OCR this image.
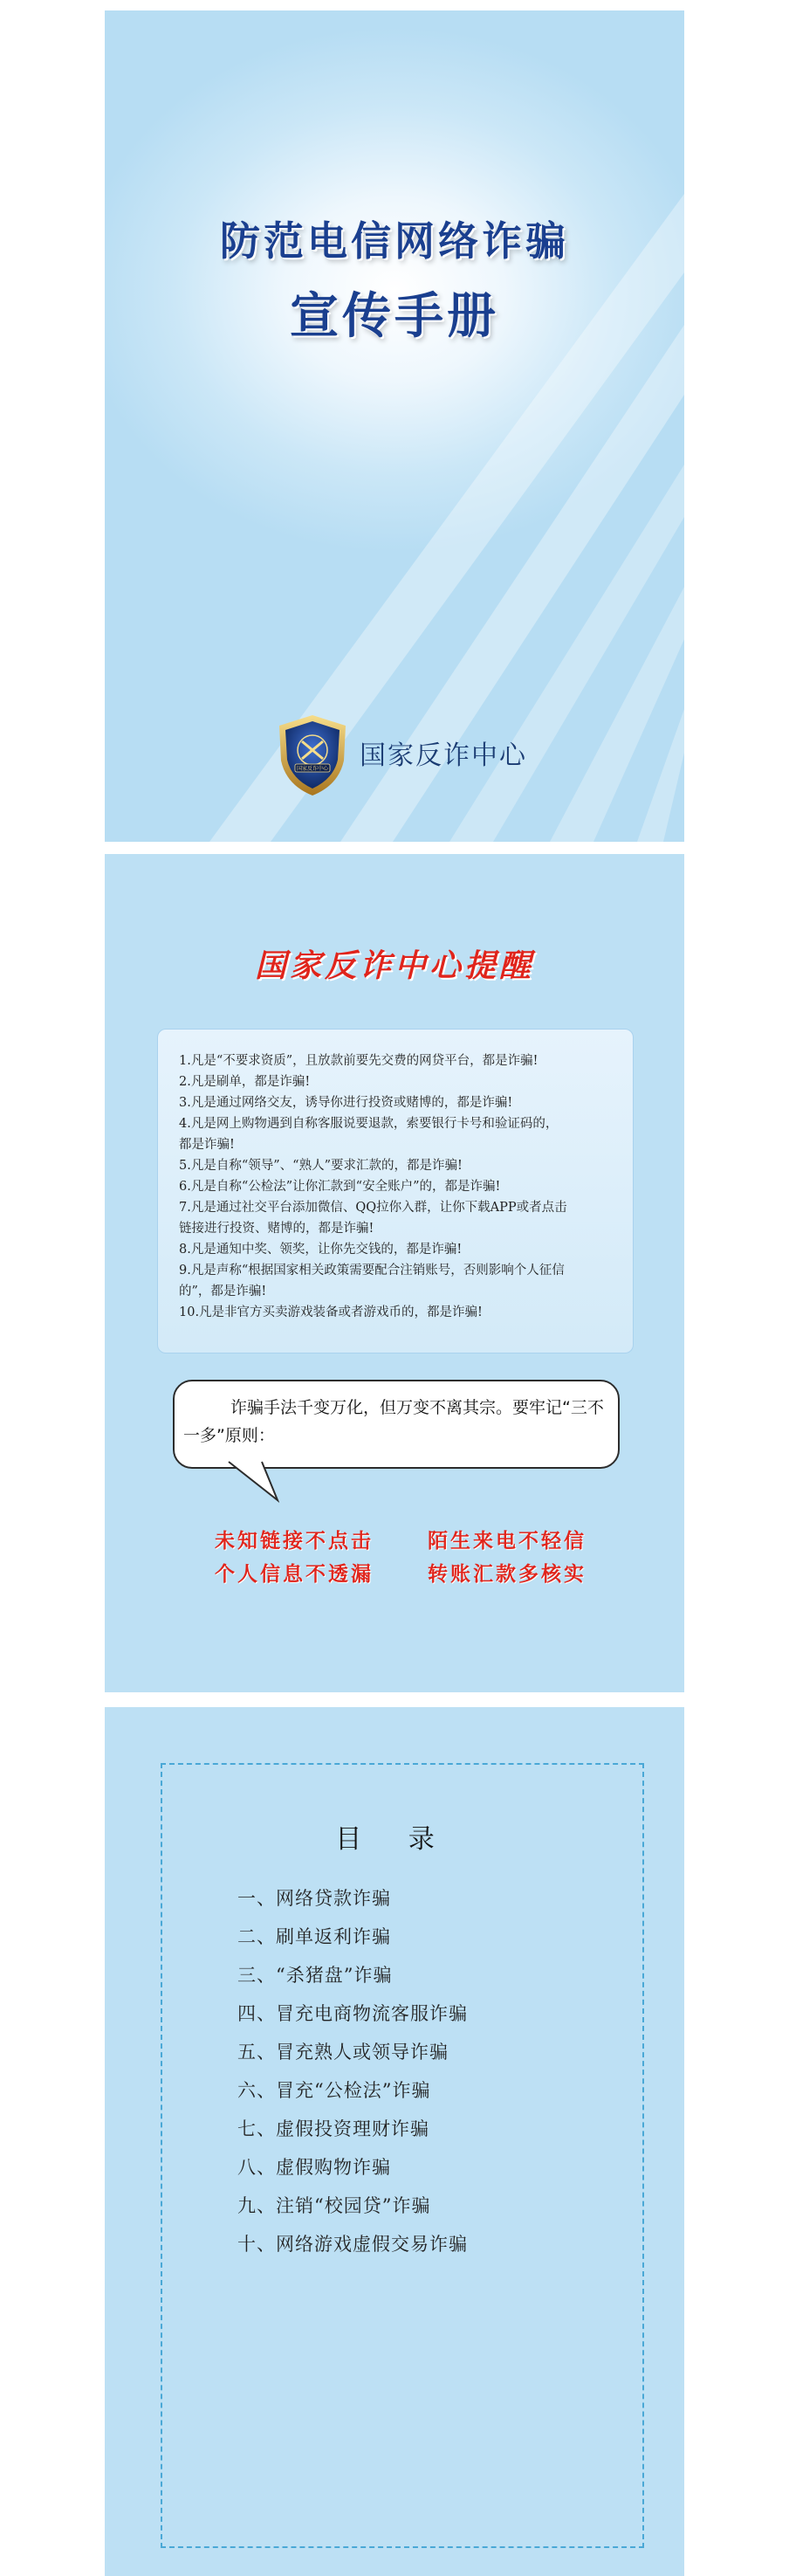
防范电信网络诈骗
宣传手册
国家反诈中心 国家反诈中心
国家反诈中心提醒
1.凡是“不要求资质”，且放款前要先交费的网贷平台，都是诈骗!
2.凡是刷单，都是诈骗!
3.凡是通过网络交友，诱导你进行投资或赌博的，都是诈骗!
4.凡是网上购物遇到自称客服说要退款，索要银行卡号和验证码的，
都是诈骗!
5.凡是自称“领导”、“熟人”要求汇款的，都是诈骗!
6.凡是自称“公检法”让你汇款到“安全账户”的，都是诈骗!
7.凡是通过社交平台添加微信、QQ拉你入群，让你下载APP或者点击
链接进行投资、赌博的，都是诈骗!
8.凡是通知中奖、领奖，让你先交钱的，都是诈骗!
9.凡是声称“根据国家相关政策需要配合注销账号，否则影响个人征信
的”，都是诈骗!
10.凡是非官方买卖游戏装备或者游戏币的，都是诈骗!
诈骗手法千变万化，但万变不离其宗。要牢记“三不一多”原则：
未知链接不点击	陌生来电不轻信
个人信息不透漏	转账汇款多核实
目 录
一、网络贷款诈骗
二、刷单返利诈骗
三、“杀猪盘”诈骗
四、冒充电商物流客服诈骗
五、冒充熟人或领导诈骗
六、冒充“公检法”诈骗
七、虚假投资理财诈骗
八、虚假购物诈骗
九、注销“校园贷”诈骗
十、网络游戏虚假交易诈骗
